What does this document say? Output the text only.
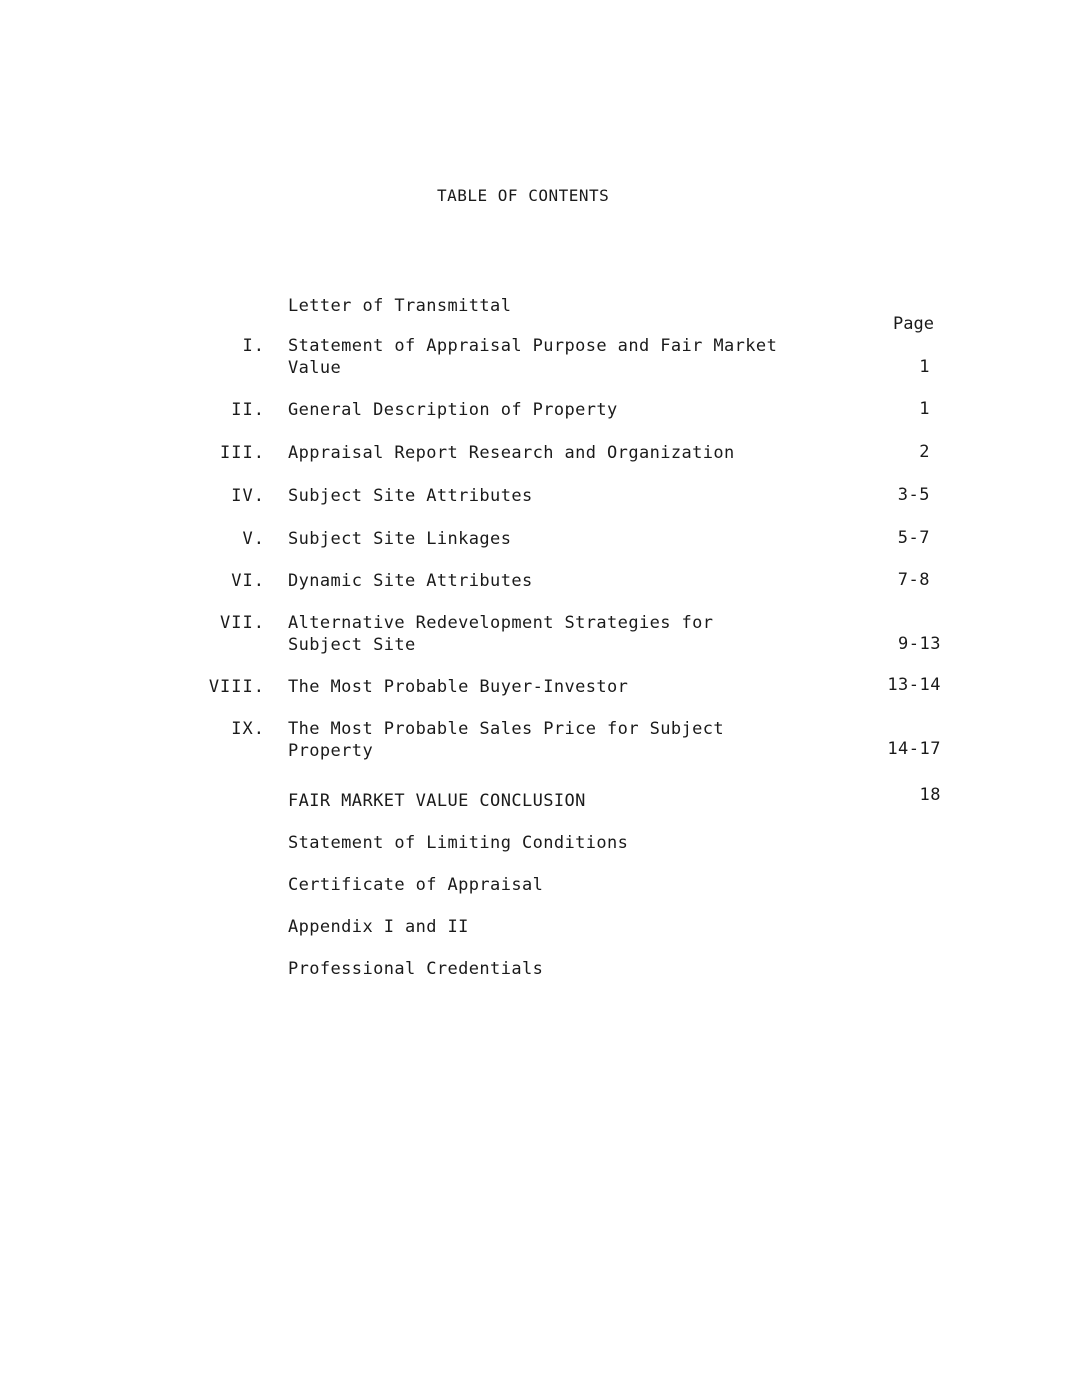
TABLE OF CONTENTS
Page
Letter of Transmittal
I. Statement of Appraisal Purpose and Fair Market
Value	1
II. General Description of Property	1
III. Appraisal Report Research and Organization	2
IV. Subject Site Attributes	3-5
V. Subject Site Linkages	5-7
VI. Dynamic Site Attributes	7-8
VII. Alternative Redevelopment Strategies for
Subject Site	9-13
VIII. The Most Probable Buyer-Investor	13-14
IX. The Most Probable Sales Price for Subject
Property	14-17
FAIR MARKET VALUE CONCLUSION	18
Statement of Limiting Conditions
Certificate of Appraisal
Appendix I and II
Professional Credentials
